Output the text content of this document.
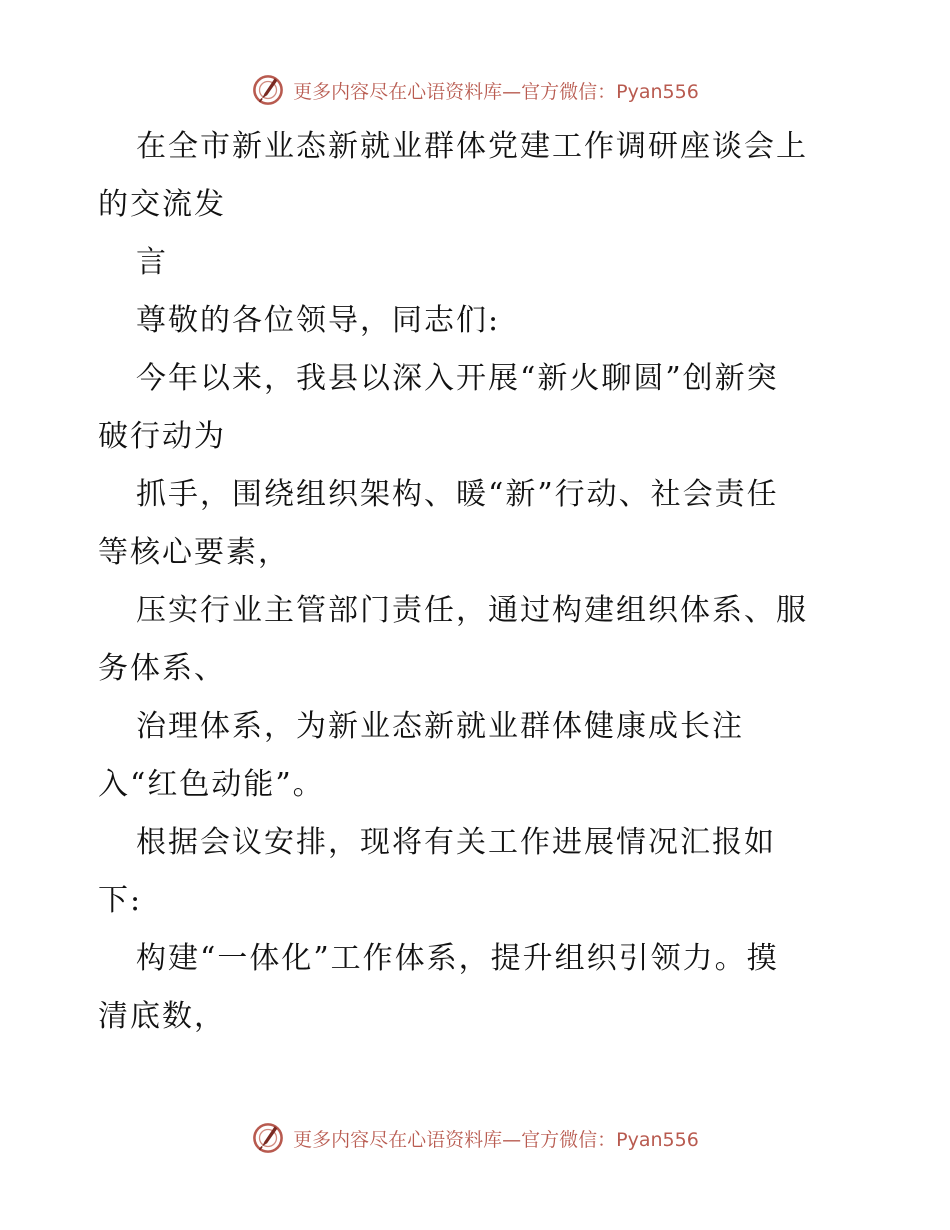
更多内容尽在心语资料库—官方微信：Pyan556
在全市新业态新就业群体党建工作调研座谈会上
的交流发
言
尊敬的各位领导，同志们:
今年以来，我县以深入开展“新火聊圆”创新突
破行动为
抓手，围绕组织架构、暖“新”行动、社会责任
等核心要素，
压实行业主管部门责任，通过构建组织体系、服
务体系、
治理体系，为新业态新就业群体健康成长注
入“红色动能”。
根据会议安排，现将有关工作进展情况汇报如
下:
构建“一体化”工作体系，提升组织引领力。摸
清底数，
更多内容尽在心语资料库—官方微信：Pyan556
